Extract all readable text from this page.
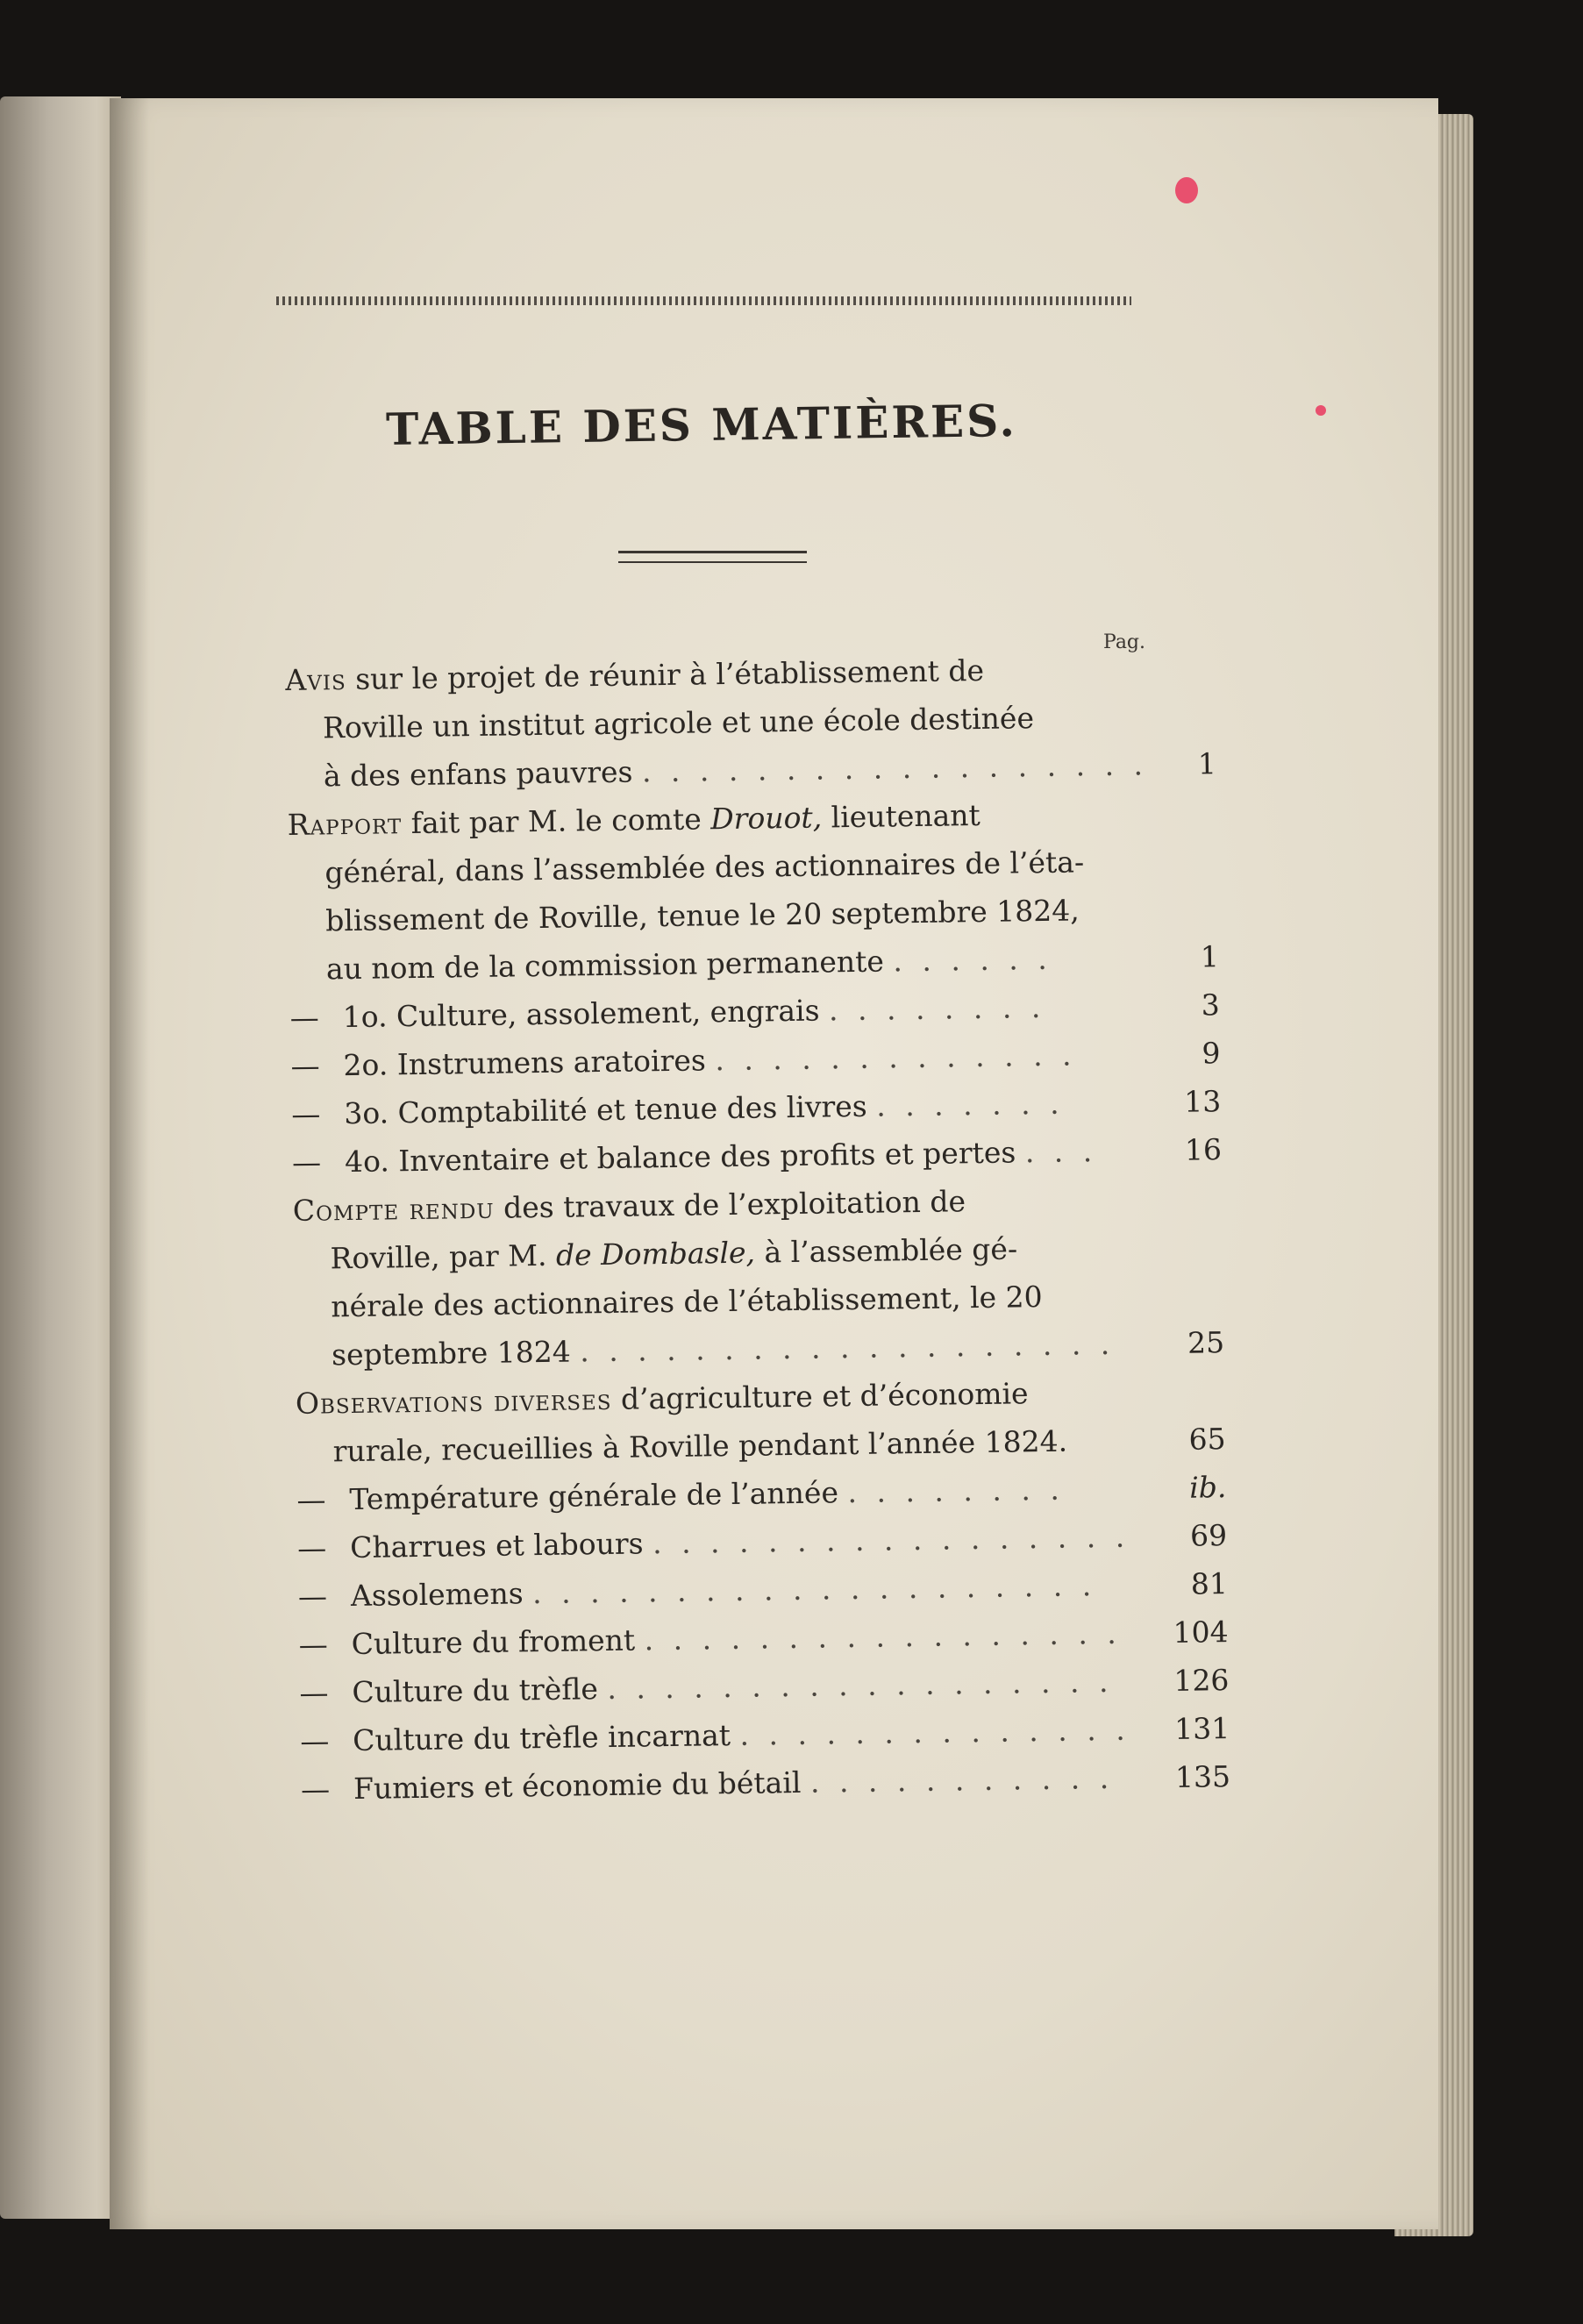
TABLE DES MATIÈRES.
Pag.
Avis sur le projet de réunir à l’établissement de
Roville un institut agricole et une école destinée
à des enfans pauvres . . . . . . . . . . . . . . . . . .	1
Rapport fait par M. le comte Drouot, lieutenant
général, dans l’assemblée des actionnaires de l’éta-
blissement de Roville, tenue le 20 septembre 1824,
au nom de la commission permanente . . . . . .	1
— 1o. Culture, assolement, engrais . . . . . . . .	3
— 2o. Instrumens aratoires . . . . . . . . . . . . .	9
— 3o. Comptabilité et tenue des livres . . . . . . .	13
— 4o. Inventaire et balance des profits et pertes . . .	16
Compte rendu des travaux de l’exploitation de
Roville, par M. de Dombasle, à l’assemblée gé-
nérale des actionnaires de l’établissement, le 20
septembre 1824 . . . . . . . . . . . . . . . . . . .	25
Observations diverses d’agriculture et d’économie
rurale, recueillies à Roville pendant l’année 1824.	65
— Température générale de l’année . . . . . . . .	ib.
— Charrues et labours . . . . . . . . . . . . . . . . .	69
— Assolemens . . . . . . . . . . . . . . . . . . . .	81
— Culture du froment . . . . . . . . . . . . . . . . .	104
— Culture du trèfle . . . . . . . . . . . . . . . . . .	126
— Culture du trèfle incarnat . . . . . . . . . . . . . .	131
— Fumiers et économie du bétail . . . . . . . . . . .	135
